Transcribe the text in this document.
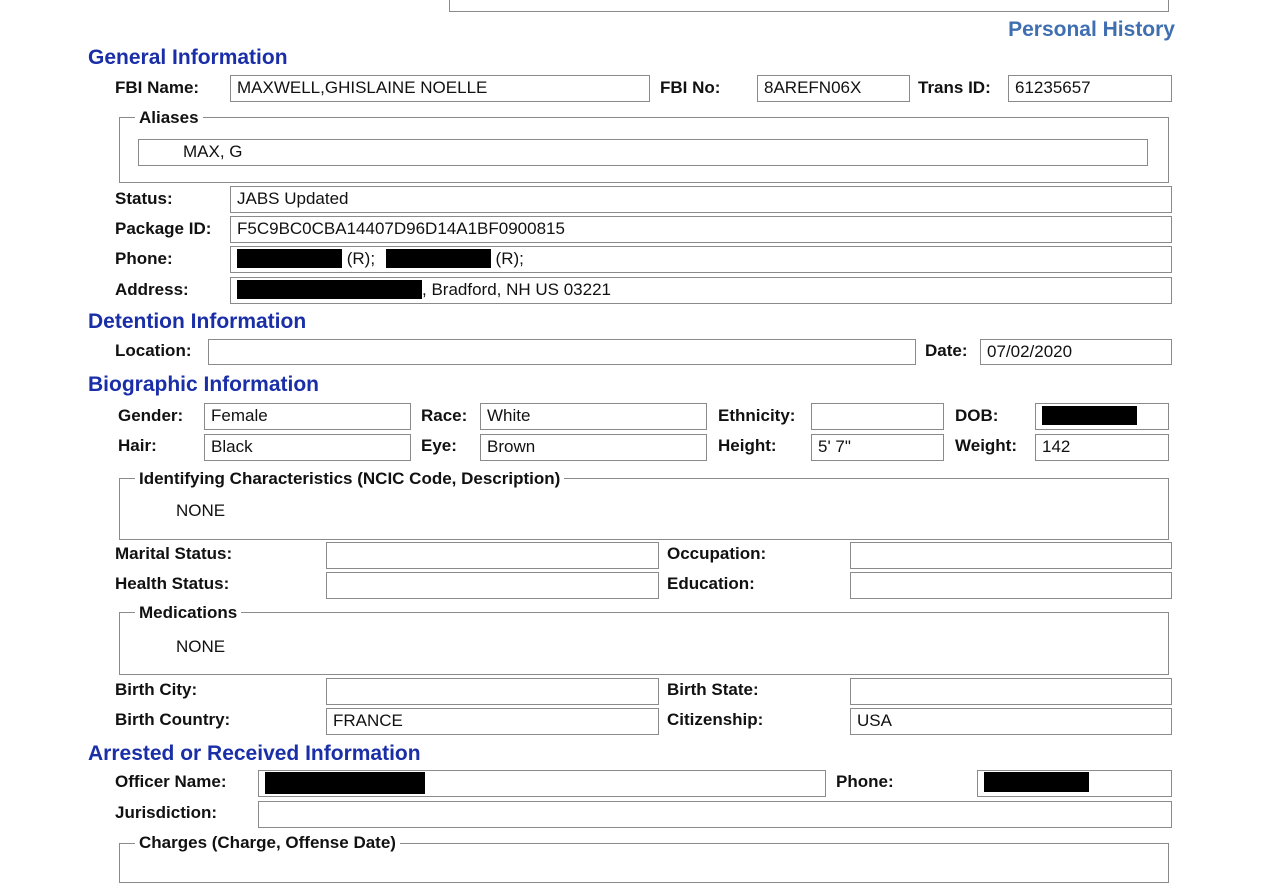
Personal History
General Information
FBI Name:	MAXWELL,GHISLAINE NOELLE	FBI No:	8AREFN06X	Trans ID:	61235657
Aliases
MAX, G
Status:	JABS Updated
Package ID:	F5C9BC0CBA14407D96D14A1BF0900815
Phone:	(R);	(R);
Address:	, Bradford, NH US 03221
Detention Information
Location:	Date:	07/02/2020
Biographic Information
Gender:	Female	Race:	White	Ethnicity:	DOB:
Hair:	Black	Eye:	Brown	Height:	5' 7"	Weight:	142
Identifying Characteristics (NCIC Code, Description)
NONE
Marital Status:	Occupation:
Health Status:	Education:
Medications
NONE
Birth City:	Birth State:
Birth Country:	FRANCE	Citizenship:	USA
Arrested or Received Information
Officer Name:	Phone:
Jurisdiction:
Charges (Charge, Offense Date)
